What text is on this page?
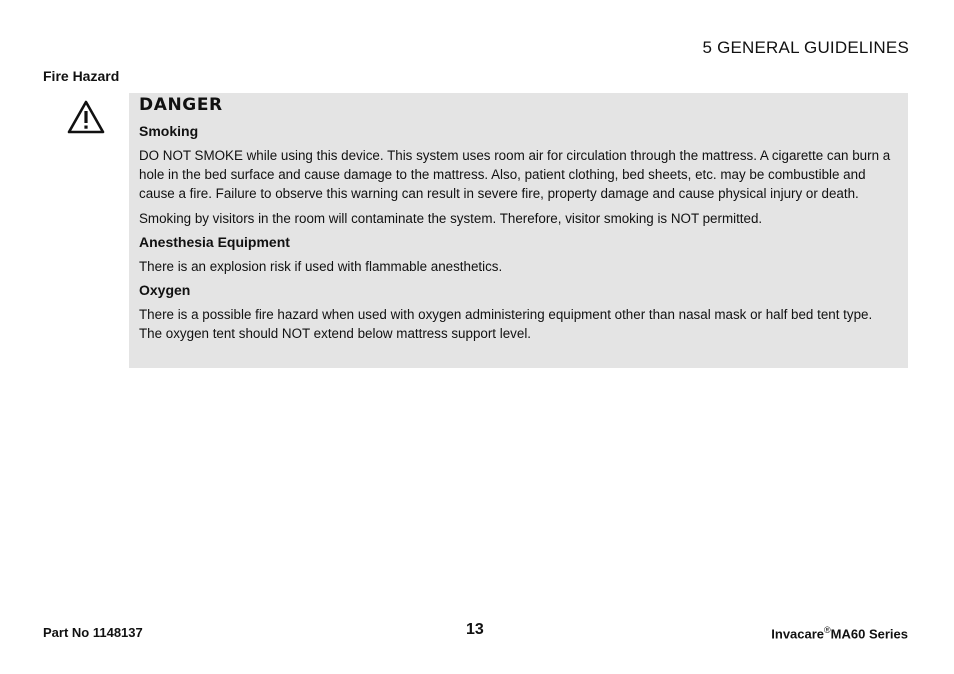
5 GENERAL GUIDELINES
Fire Hazard
DANGER
Smoking

DO NOT SMOKE while using this device. This system uses room air for circulation through the mattress. A cigarette can burn a hole in the bed surface and cause damage to the mattress. Also, patient clothing, bed sheets, etc. may be combustible and cause a fire. Failure to observe this warning can result in severe fire, property damage and cause physical injury or death.

Smoking by visitors in the room will contaminate the system. Therefore, visitor smoking is NOT permitted.

Anesthesia Equipment

There is an explosion risk if used with flammable anesthetics.

Oxygen

There is a possible fire hazard when used with oxygen administering equipment other than nasal mask or half bed tent type. The oxygen tent should NOT extend below mattress support level.

Part No 1148137	13	Invacare®MA60 Series
